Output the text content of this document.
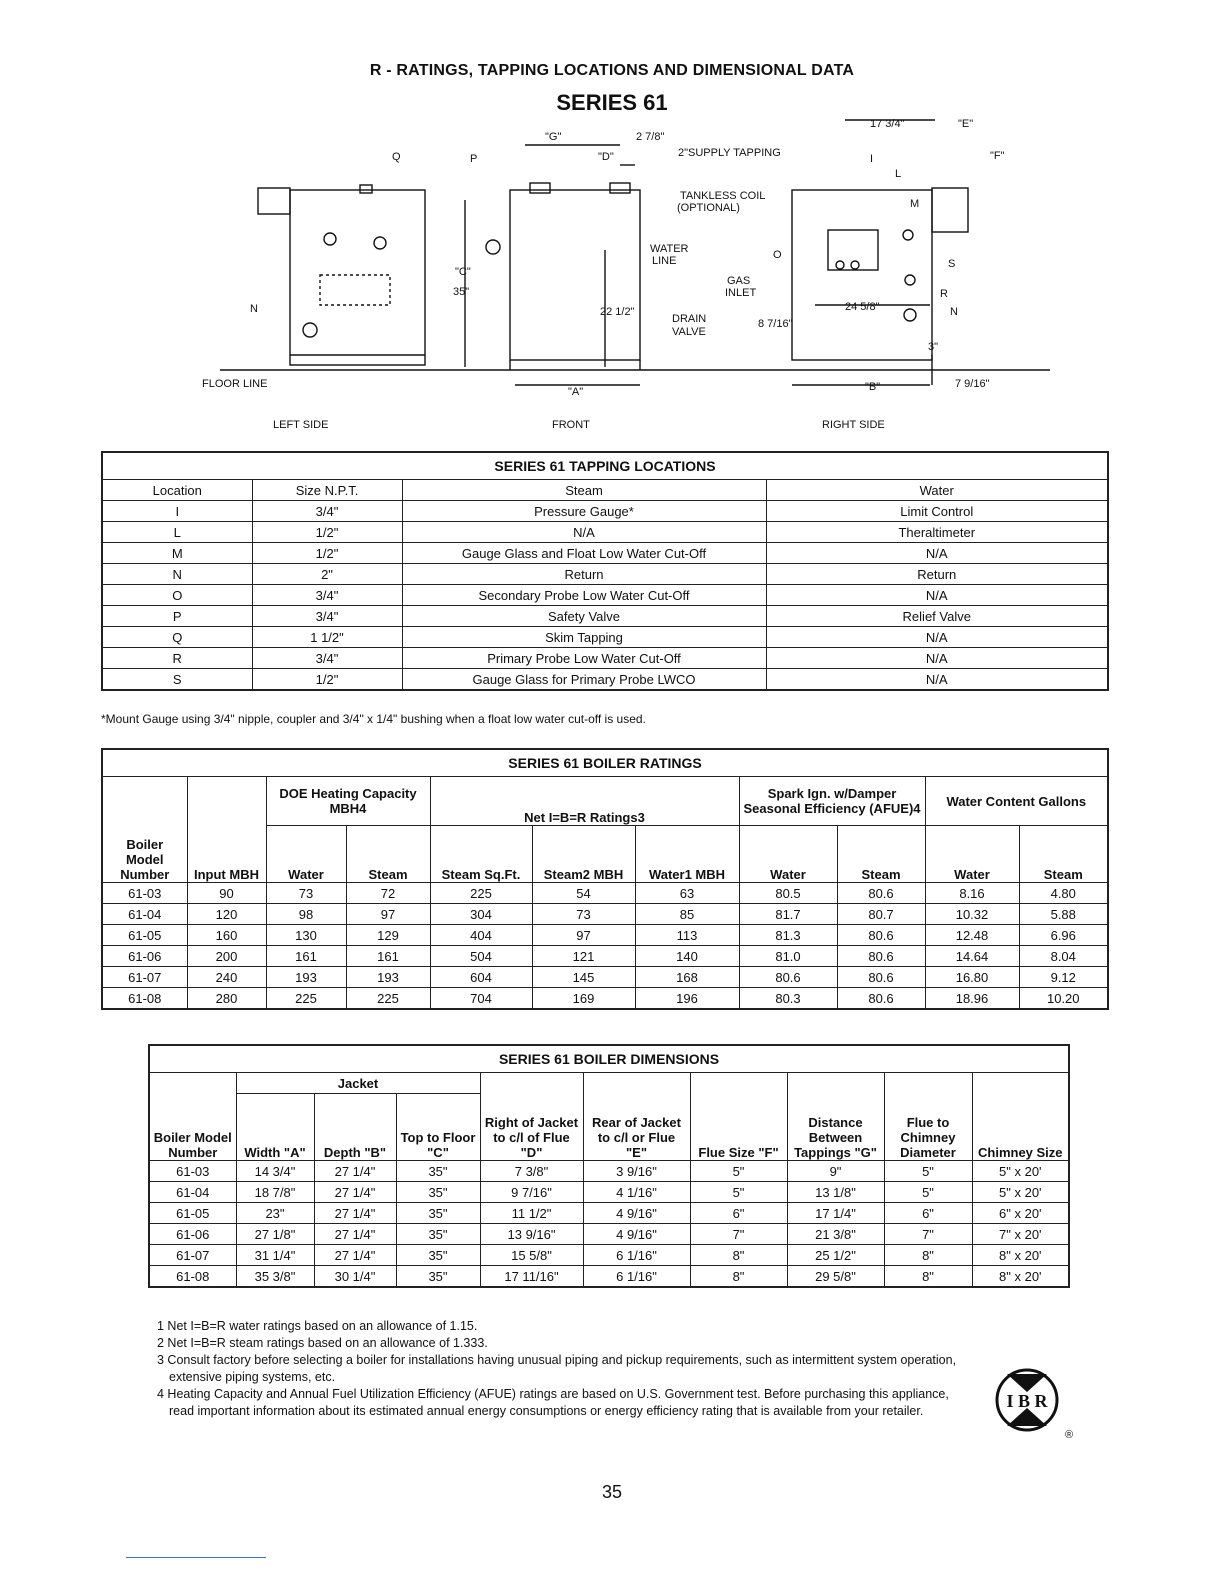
R - RATINGS, TAPPING LOCATIONS AND DIMENSIONAL DATA
SERIES 61
Q	P
N
I
L
M
O
S
R
N
2"SUPPLY TAPPING
TANKLESS COIL
(OPTIONAL)
WATER
LINE
GAS
INLET
DRAIN
VALVE
"G"
"D"
2 7/8"
"C"
35"
"A"
22 1/2"
"B"
24 5/8"
8 7/16"
3"
7 9/16"
17 3/4"	"E"
"F"
FLOOR LINE
LEFT SIDE	FRONT	RIGHT SIDE
SERIES 61 TAPPING LOCATIONS			
Location	Size N.P.T.	Steam	Water
I	3/4"	Pressure Gauge*	Limit Control
L	1/2"	N/A	Theraltimeter
M	1/2"	Gauge Glass and Float Low Water Cut-Off	N/A
N	2"	Return	Return
O	3/4"	Secondary Probe Low Water Cut-Off	N/A
P	3/4"	Safety Valve	Relief Valve
Q	1 1/2"	Skim Tapping	N/A
R	3/4"	Primary Probe Low Water Cut-Off	N/A
S	1/2"	Gauge Glass for Primary Probe LWCO	N/A
*Mount Gauge using 3/4" nipple, coupler and 3/4" x 1/4" bushing when a float low water cut-off is used.
SERIES 61 BOILER RATINGS										
Boiler Model Number	Input MBH	DOE Heating Capacity MBH4		Net I=B=R Ratings3			Spark Ign. w/Damper Seasonal Efficiency (AFUE)4		Water Content Gallons	
		Water	Steam	Steam Sq.Ft.	Steam2 MBH	Water1 MBH	Water	Steam	Water	Steam
61-03	90	73	72	225	54	63	80.5	80.6	8.16	4.80
61-04	120	98	97	304	73	85	81.7	80.7	10.32	5.88
61-05	160	130	129	404	97	113	81.3	80.6	12.48	6.96
61-06	200	161	161	504	121	140	81.0	80.6	14.64	8.04
61-07	240	193	193	604	145	168	80.6	80.6	16.80	9.12
61-08	280	225	225	704	169	196	80.3	80.6	18.96	10.20
SERIES 61 BOILER DIMENSIONS									
Boiler Model Number	Jacket			Right of Jacket to c/l of Flue "D"	Rear of Jacket to c/l or Flue "E"	Flue Size "F"	Distance Between Tappings "G"	Flue to Chimney Diameter	Chimney Size
	Width "A"	Depth "B"	Top to Floor "C"						
61-03	14 3/4"	27 1/4"	35"	7 3/8"	3 9/16"	5"	9"	5"	5" x 20'
61-04	18 7/8"	27 1/4"	35"	9 7/16"	4 1/16"	5"	13 1/8"	5"	5" x 20'
61-05	23"	27 1/4"	35"	11 1/2"	4 9/16"	6"	17 1/4"	6"	6" x 20'
61-06	27 1/8"	27 1/4"	35"	13 9/16"	4 9/16"	7"	21 3/8"	7"	7" x 20'
61-07	31 1/4"	27 1/4"	35"	15 5/8"	6 1/16"	8"	25 1/2"	8"	8" x 20'
61-08	35 3/8"	30 1/4"	35"	17 11/16"	6 1/16"	8"	29 5/8"	8"	8" x 20'

1 Net I=B=R water ratings based on an allowance of 1.15.

2 Net I=B=R steam ratings based on an allowance of 1.333.

3 Consult factory before selecting a boiler for installations having unusual piping and pickup requirements, such as intermittent system operation, extensive piping systems, etc.

4 Heating Capacity and Annual Fuel Utilization Efficiency (AFUE) ratings are based on U.S. Government test. Before purchasing this appliance, read important information about its estimated annual energy consumptions or energy efficiency rating that is available from your retailer.	I B R
®
35
